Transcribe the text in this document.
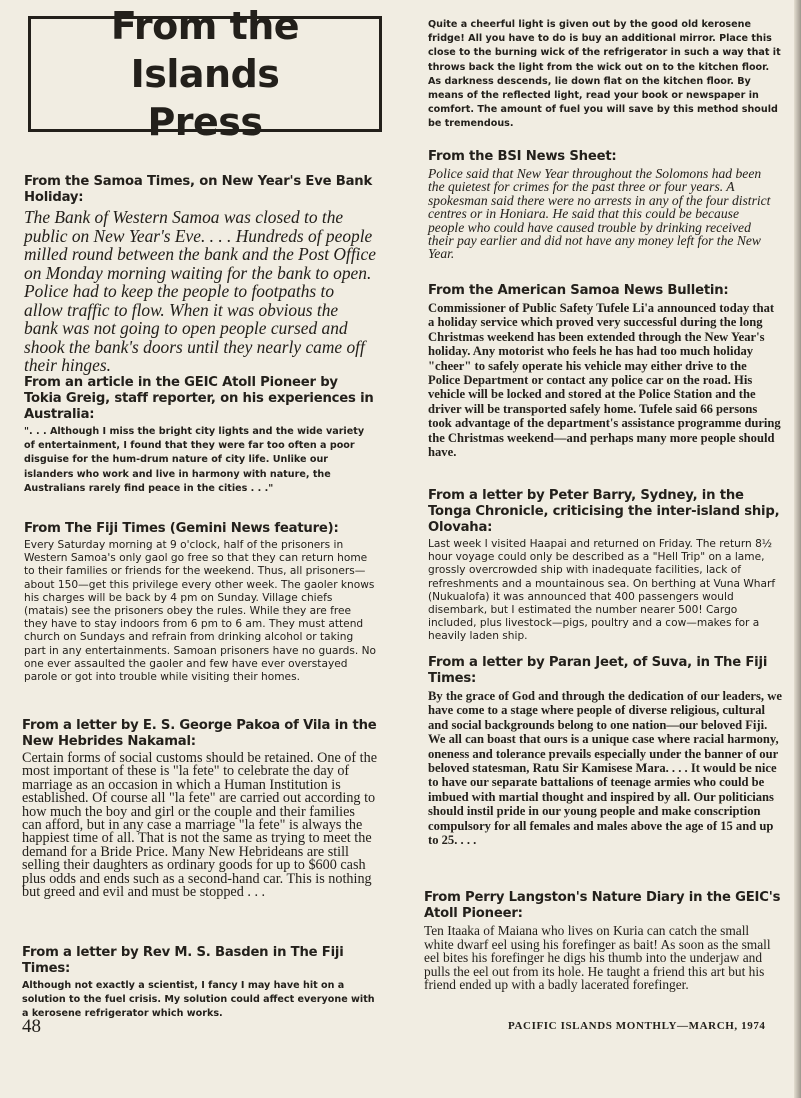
From the Islands Press
From the Samoa Times, on New Year's Eve Bank Holiday:

The Bank of Western Samoa was closed to the public on New Year's Eve. . . . Hundreds of people milled round between the bank and the Post Office on Monday morning waiting for the bank to open. Police had to keep the people to footpaths to allow traffic to flow. When it was obvious the bank was not going to open people cursed and shook the bank's doors until they nearly came off their hinges.

From an article in the GEIC Atoll Pioneer by Tokia Greig, staff reporter, on his experiences in Australia:

". . . Although I miss the bright city lights and the wide variety of entertainment, I found that they were far too often a poor disguise for the hum-drum nature of city life. Unlike our islanders who work and live in harmony with nature, the Australians rarely find peace in the cities . . ."

From The Fiji Times (Gemini News feature):

Every Saturday morning at 9 o'clock, half of the prisoners in Western Samoa's only gaol go free so that they can return home to their families or friends for the weekend. Thus, all prisoners—about 150—get this privilege every other week. The gaoler knows his charges will be back by 4 pm on Sunday. Village chiefs (matais) see the prisoners obey the rules. While they are free they have to stay indoors from 6 pm to 6 am. They must attend church on Sundays and refrain from drinking alcohol or taking part in any entertainments. Samoan prisoners have no guards. No one ever assaulted the gaoler and few have ever overstayed parole or got into trouble while visiting their homes.

From a letter by E. S. George Pakoa of Vila in the New Hebrides Nakamal:

Certain forms of social customs should be retained. One of the most important of these is "la fete" to celebrate the day of marriage as an occasion in which a Human Institution is established. Of course all "la fete" are carried out according to how much the boy and girl or the couple and their families can afford, but in any case a marriage "la fete" is always the happiest time of all. That is not the same as trying to meet the demand for a Bride Price. Many New Hebrideans are still selling their daughters as ordinary goods for up to $600 cash plus odds and ends such as a second-hand car. This is nothing but greed and evil and must be stopped . . .

From a letter by Rev M. S. Basden in The Fiji Times:

Although not exactly a scientist, I fancy I may have hit on a solution to the fuel crisis. My solution could affect everyone with a kerosene refrigerator which works.

Quite a cheerful light is given out by the good old kerosene fridge! All you have to do is buy an additional mirror. Place this close to the burning wick of the refrigerator in such a way that it throws back the light from the wick out on to the kitchen floor. As darkness descends, lie down flat on the kitchen floor. By means of the reflected light, read your book or newspaper in comfort. The amount of fuel you will save by this method should be tremendous.

From the BSI News Sheet:

Police said that New Year throughout the Solomons had been the quietest for crimes for the past three or four years. A spokesman said there were no arrests in any of the four district centres or in Honiara. He said that this could be because people who could have caused trouble by drinking received their pay earlier and did not have any money left for the New Year.

From the American Samoa News Bulletin:

Commissioner of Public Safety Tufele Li'a announced today that a holiday service which proved very successful during the long Christmas weekend has been extended through the New Year's holiday. Any motorist who feels he has had too much holiday "cheer" to safely operate his vehicle may either drive to the Police Department or contact any police car on the road. His vehicle will be locked and stored at the Police Station and the driver will be transported safely home. Tufele said 66 persons took advantage of the department's assistance programme during the Christmas weekend—and perhaps many more people should have.

From a letter by Peter Barry, Sydney, in the Tonga Chronicle, criticising the inter-island ship, Olovaha:

Last week I visited Haapai and returned on Friday. The return 8½ hour voyage could only be described as a "Hell Trip" on a lame, grossly overcrowded ship with inadequate facilities, lack of refreshments and a mountainous sea. On berthing at Vuna Wharf (Nukualofa) it was announced that 400 passengers would disembark, but I estimated the number nearer 500! Cargo included, plus livestock—pigs, poultry and a cow—makes for a heavily laden ship.

From a letter by Paran Jeet, of Suva, in The Fiji Times:

By the grace of God and through the dedication of our leaders, we have come to a stage where people of diverse religious, cultural and social backgrounds belong to one nation—our beloved Fiji. We all can boast that ours is a unique case where racial harmony, oneness and tolerance prevails especially under the banner of our beloved statesman, Ratu Sir Kamisese Mara. . . . It would be nice to have our separate battalions of teenage armies who could be imbued with martial thought and inspired by all. Our politicians should instil pride in our young people and make conscription compulsory for all females and males above the age of 15 and up to 25. . . .

From Perry Langston's Nature Diary in the GEIC's Atoll Pioneer:

Ten Itaaka of Maiana who lives on Kuria can catch the small white dwarf eel using his forefinger as bait! As soon as the small eel bites his forefinger he digs his thumb into the underjaw and pulls the eel out from its hole. He taught a friend this art but his friend ended up with a badly lacerated forefinger.

48	PACIFIC ISLANDS MONTHLY—MARCH, 1974
